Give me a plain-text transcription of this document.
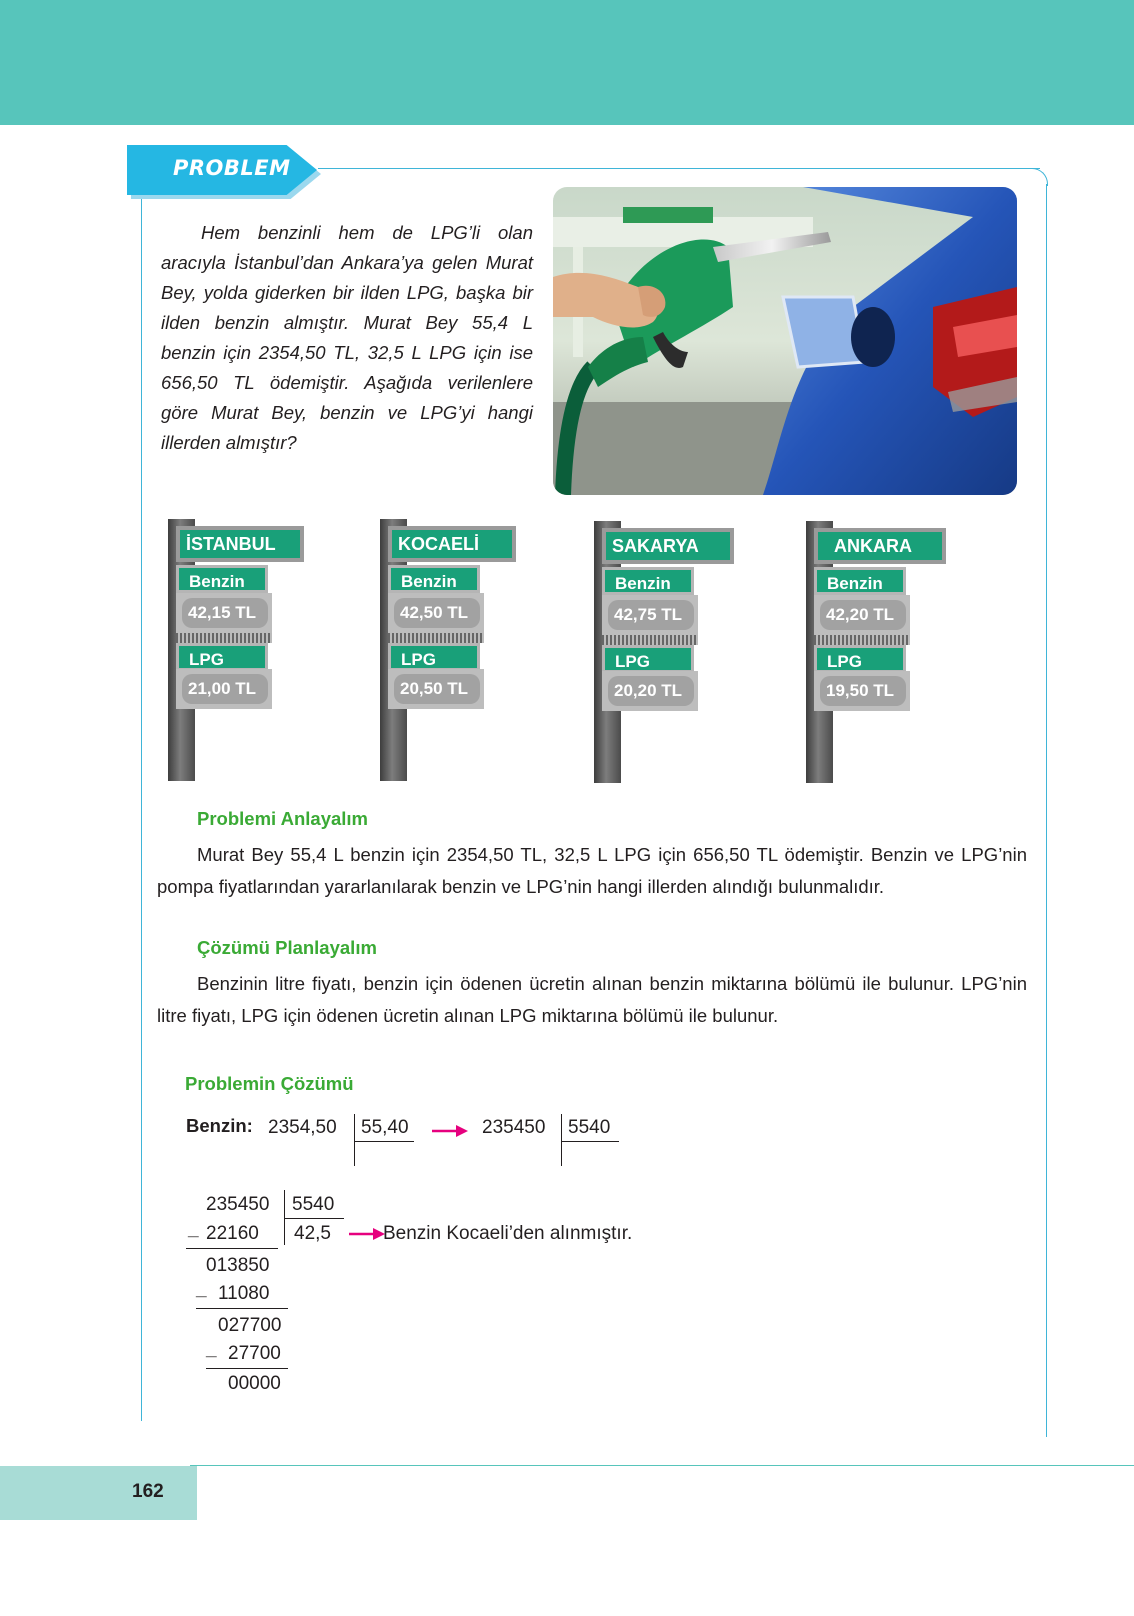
PROBLEM

Hem benzinli hem de LPG’li olan aracıyla İstanbul’dan Ankara’ya gelen Murat Bey, yolda giderken bir ilden LPG, başka bir ilden benzin almıştır. Murat Bey 55,4 L benzin için 2354,50 TL, 32,5 L LPG için ise 656,50 TL ödemiştir. Aşağıda verilenlere göre Murat Bey, benzin ve LPG’yi hangi illerden almıştır?

İSTANBUL
Benzin
42,15 TL
LPG
21,00 TL
KOCAELİ
Benzin
42,50 TL
LPG
20,50 TL
SAKARYA
Benzin
42,75 TL
LPG
20,20 TL
ANKARA
Benzin
42,20 TL
LPG
19,50 TL
Problemi Anlayalım

Murat Bey 55,4 L benzin için 2354,50 TL, 32,5 L LPG için 656,50 TL ödemiştir. Benzin ve LPG’nin pompa fiyatlarından yararlanılarak benzin ve LPG’nin hangi illerden alındığı bulunmalıdır.

Çözümü Planlayalım

Benzinin litre fiyatı, benzin için ödenen ücretin alınan benzin miktarına bölümü ile bulunur. LPG’nin litre fiyatı, LPG için ödenen ücretin alınan LPG miktarına bölümü ile bulunur.

Problemin Çözümü
Benzin: 2354,50 55,40	235450 5540
235450 5540
42,5
_ 22160
013850
_ 11080
027700
_ 27700
00000
Benzin Kocaeli’den alınmıştır.
162
